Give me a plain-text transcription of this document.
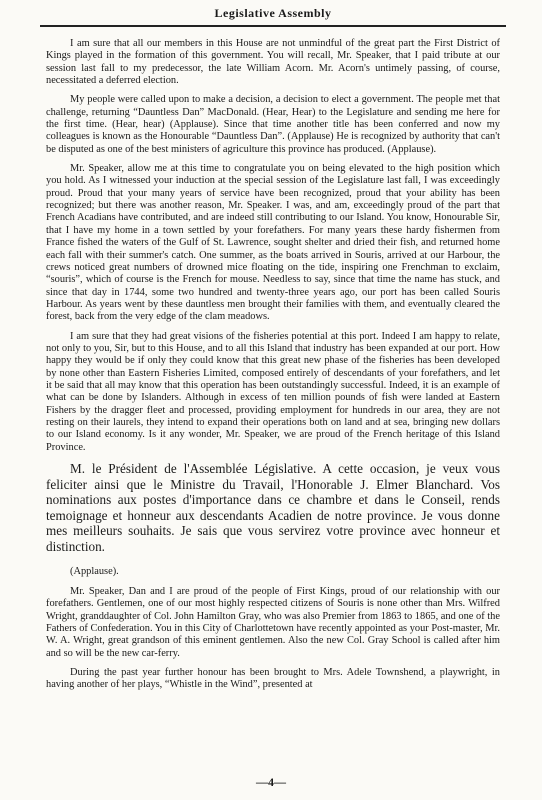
Legislative Assembly

I am sure that all our members in this House are not unmindful of the great part the First District of Kings played in the formation of this government. You will recall, Mr. Speaker, that I paid tribute at our session last fall to my predecessor, the late William Acorn. Mr. Acorn's untimely passing, of course, necessitated a deferred election.

My people were called upon to make a decision, a decision to elect a government. The people met that challenge, returning “Dauntless Dan” MacDonald. (Hear, Hear) to the Legislature and sending me here for the first time. (Hear, hear) (Applause). Since that time another title has been conferred and now my colleagues is known as the Honourable “Dauntless Dan”. (Applause) He is recognized by authority that can't be disputed as one of the best ministers of agriculture this province has produced. (Applause).

Mr. Speaker, allow me at this time to congratulate you on being elevated to the high position which you hold. As I witnessed your induction at the special session of the Legislature last fall, I was exceedingly proud. Proud that your many years of service have been recognized, proud that your ability has been recognized; but there was another reason, Mr. Speaker. I was, and am, exceedingly proud of the part that French Acadians have contributed, and are indeed still contributing to our Island. You know, Honourable Sir, that I have my home in a town settled by your forefathers. For many years these hardy fishermen from France fished the waters of the Gulf of St. Lawrence, sought shelter and dried their fish, and returned home each fall with their summer's catch. One summer, as the boats arrived in Souris, arrived at our Harbour, the crews noticed great numbers of drowned mice floating on the tide, inspiring one Frenchman to exclaim, “souris”, which of course is the French for mouse. Needless to say, since that time the name has stuck, and since that day in 1744, some two hundred and twenty-three years ago, our port has been called Souris Harbour. As years went by these dauntless men brought their families with them, and eventually cleared the forest, back from the very edge of the clam meadows.

I am sure that they had great visions of the fisheries potential at this port. Indeed I am happy to relate, not only to you, Sir, but to this House, and to all this Island that industry has been expanded at our port. How happy they would be if only they could know that this great new phase of the fisheries has been developed by none other than Eastern Fisheries Limited, composed entirely of descendants of your forefathers, and let it be said that all may know that this operation has been outstandingly successful. Indeed, it is an example of what can be done by Islanders. Although in excess of ten million pounds of fish were landed at Eastern Fishers by the dragger fleet and processed, providing employment for hundreds in our area, they are not resting on their laurels, they intend to expand their operations both on land and at sea, bringing new dollars to our Island economy. Is it any wonder, Mr. Speaker, we are proud of the French heritage of this Island Province.

M. le Président de l'Assemblée Législative. A cette occasion, je veux vous feliciter ainsi que le Ministre du Travail, l'Honorable J. Elmer Blanchard. Vos nominations aux postes d'importance dans ce chambre et dans le Conseil, rends temoignage et honneur aux descendants Acadien de notre province. Je vous donne mes meilleurs souhaits. Je sais que vous servirez votre province avec honneur et distinction.

(Applause).

Mr. Speaker, Dan and I are proud of the people of First Kings, proud of our relationship with our forefathers. Gentlemen, one of our most highly respected citizens of Souris is none other than Mrs. Wilfred Wright, granddaughter of Col. John Hamilton Gray, who was also Premier from 1863 to 1865, and one of the Fathers of Confederation. You in this City of Charlottetown have recently appointed as your Post-master, Mr. W. A. Wright, great grandson of this eminent gentlemen. Also the new Col. Gray School is called after him and so will be the new car-ferry.

During the past year further honour has been brought to Mrs. Adele Townshend, a playwright, in having another of her plays, “Whistle in the Wind”, presented at

—4—
